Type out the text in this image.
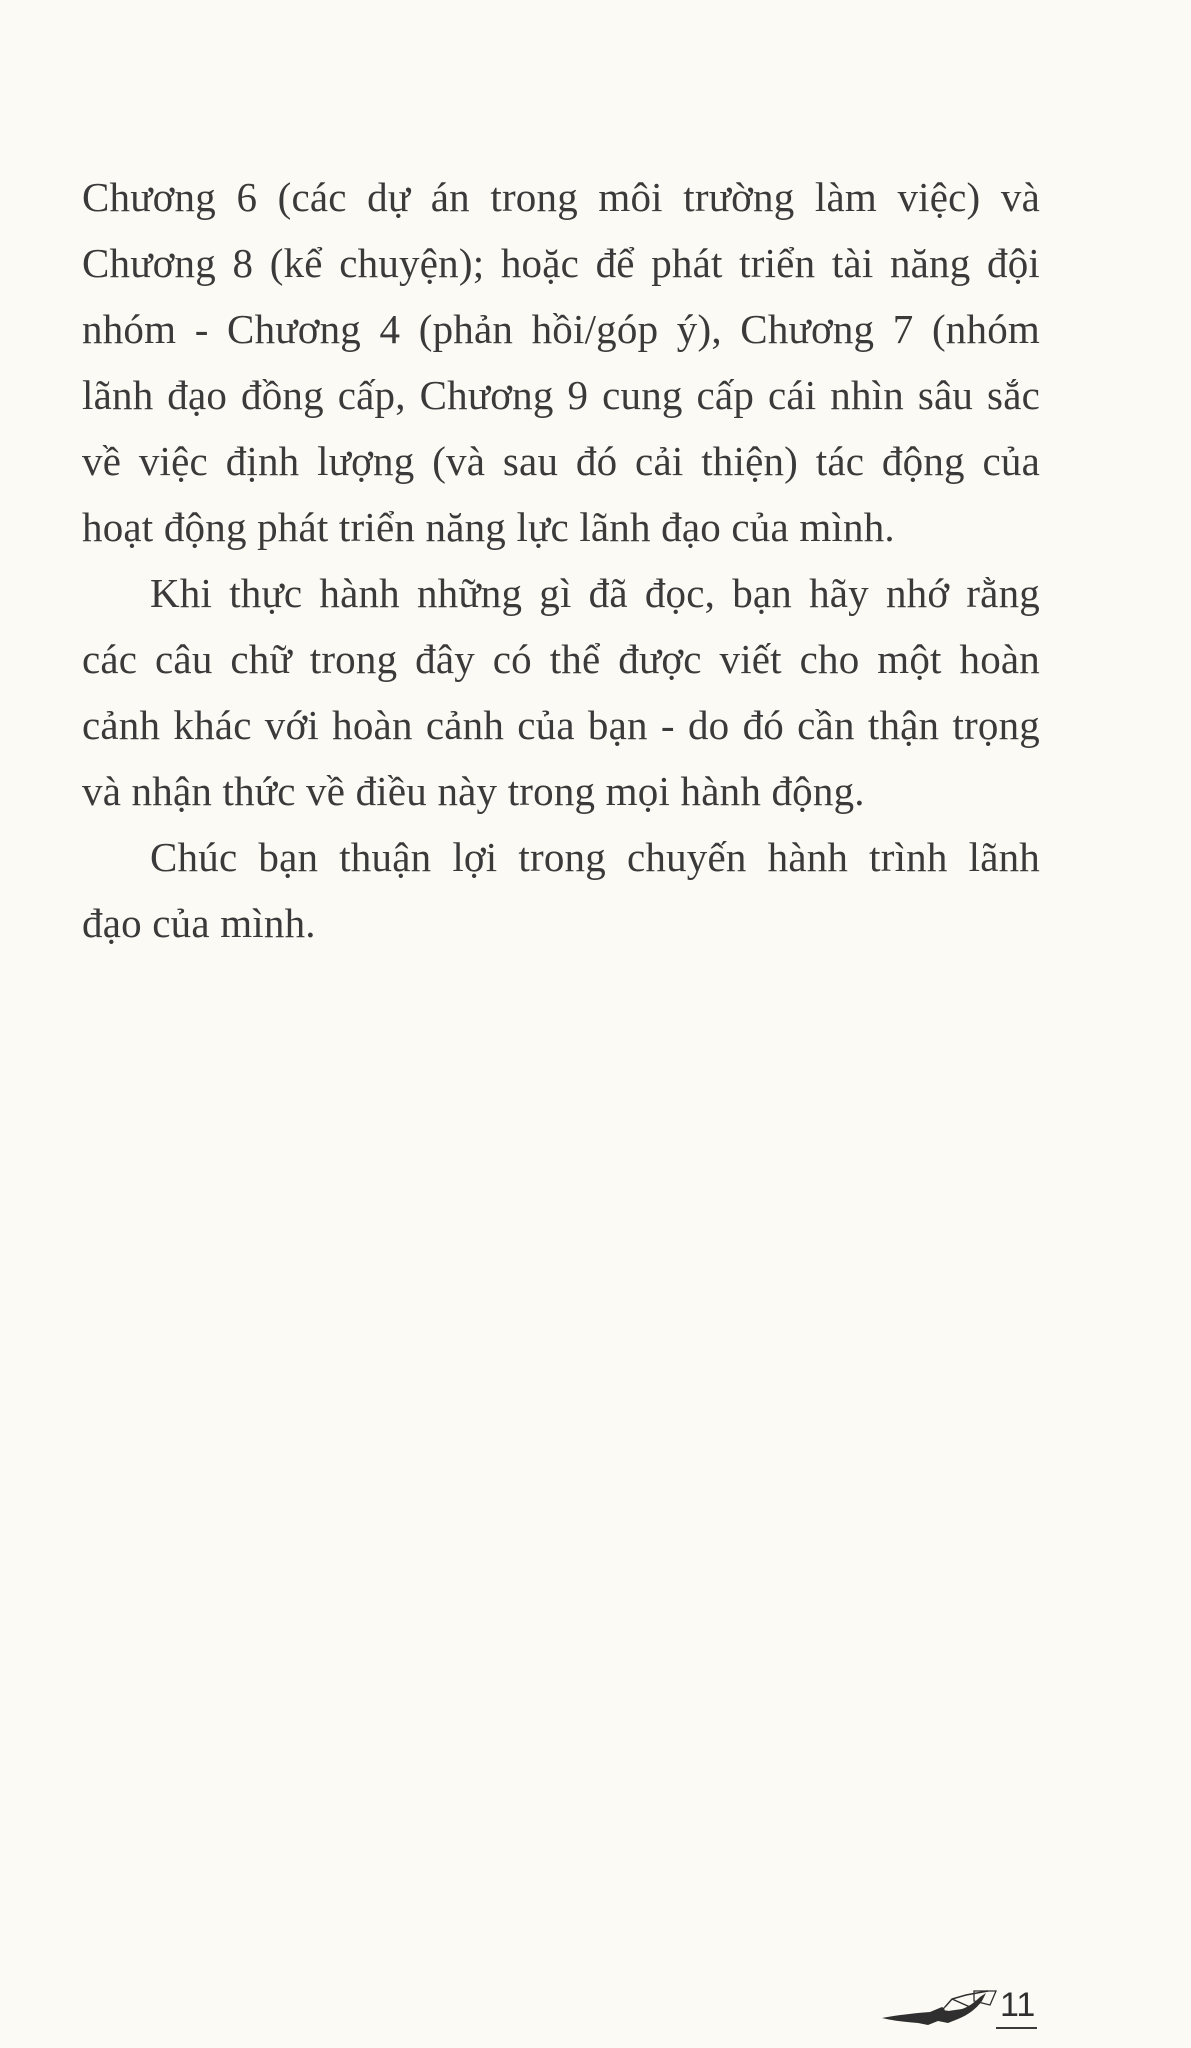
Chương 6 (các dự án trong môi trường làm việc) và
Chương 8 (kể chuyện); hoặc để phát triển tài năng đội
nhóm - Chương 4 (phản hồi/góp ý), Chương 7 (nhóm
lãnh đạo đồng cấp, Chương 9 cung cấp cái nhìn sâu sắc
về việc định lượng (và sau đó cải thiện) tác động của
hoạt động phát triển năng lực lãnh đạo của mình.
Khi thực hành những gì đã đọc, bạn hãy nhớ rằng
các câu chữ trong đây có thể được viết cho một hoàn
cảnh khác với hoàn cảnh của bạn - do đó cần thận trọng
và nhận thức về điều này trong mọi hành động.
Chúc bạn thuận lợi trong chuyến hành trình lãnh
đạo của mình.
11
